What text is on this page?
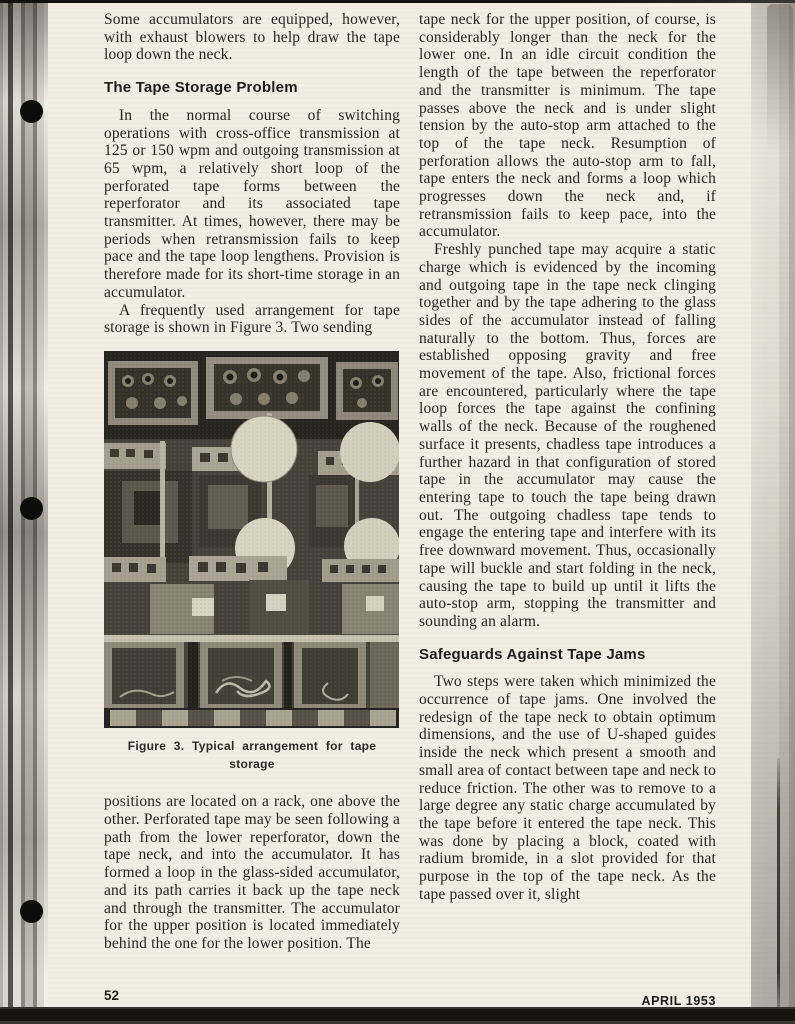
Some accumulators are equipped, however, with exhaust blowers to help draw the tape loop down the neck.

The Tape Storage Problem

In the normal course of switching operations with cross-office transmission at 125 or 150 wpm and outgoing transmission at 65 wpm, a relatively short loop of the perforated tape forms between the reperforator and its associated tape transmitter. At times, however, there may be periods when retransmission fails to keep pace and the tape loop lengthens. Provision is therefore made for its short-time storage in an accumulator.

A frequently used arrangement for tape storage is shown in Figure 3. Two sending

Figure 3. Typical arrangement for tape storage

positions are located on a rack, one above the other. Perforated tape may be seen following a path from the lower reperforator, down the tape neck, and into the accumulator. It has formed a loop in the glass-sided accumulator, and its path carries it back up the tape neck and through the transmitter. The accumulator for the upper position is located immediately behind the one for the lower position. The

tape neck for the upper position, of course, is considerably longer than the neck for the lower one. In an idle circuit condition the length of the tape between the reperforator and the transmitter is minimum. The tape passes above the neck and is under slight tension by the auto-stop arm attached to the top of the tape neck. Resumption of perforation allows the auto-stop arm to fall, tape enters the neck and forms a loop which progresses down the neck and, if retransmission fails to keep pace, into the accumulator.

Freshly punched tape may acquire a static charge which is evidenced by the incoming and outgoing tape in the tape neck clinging together and by the tape adhering to the glass sides of the accumulator instead of falling naturally to the bottom. Thus, forces are established opposing gravity and free movement of the tape. Also, frictional forces are encountered, particularly where the tape loop forces the tape against the confining walls of the neck. Because of the roughened surface it presents, chadless tape introduces a further hazard in that configuration of stored tape in the accumulator may cause the entering tape to touch the tape being drawn out. The outgoing chadless tape tends to engage the entering tape and interfere with its free downward movement. Thus, occasionally tape will buckle and start folding in the neck, causing the tape to build up until it lifts the auto-stop arm, stopping the transmitter and sounding an alarm.

Safeguards Against Tape Jams

Two steps were taken which minimized the occurrence of tape jams. One involved the redesign of the tape neck to obtain optimum dimensions, and the use of U-shaped guides inside the neck which present a smooth and small area of contact between tape and neck to reduce friction. The other was to remove to a large degree any static charge accumulated by the tape before it entered the tape neck. This was done by placing a block, coated with radium bromide, in a slot provided for that purpose in the top of the tape neck. As the tape passed over it, slight

52	APRIL 1953
